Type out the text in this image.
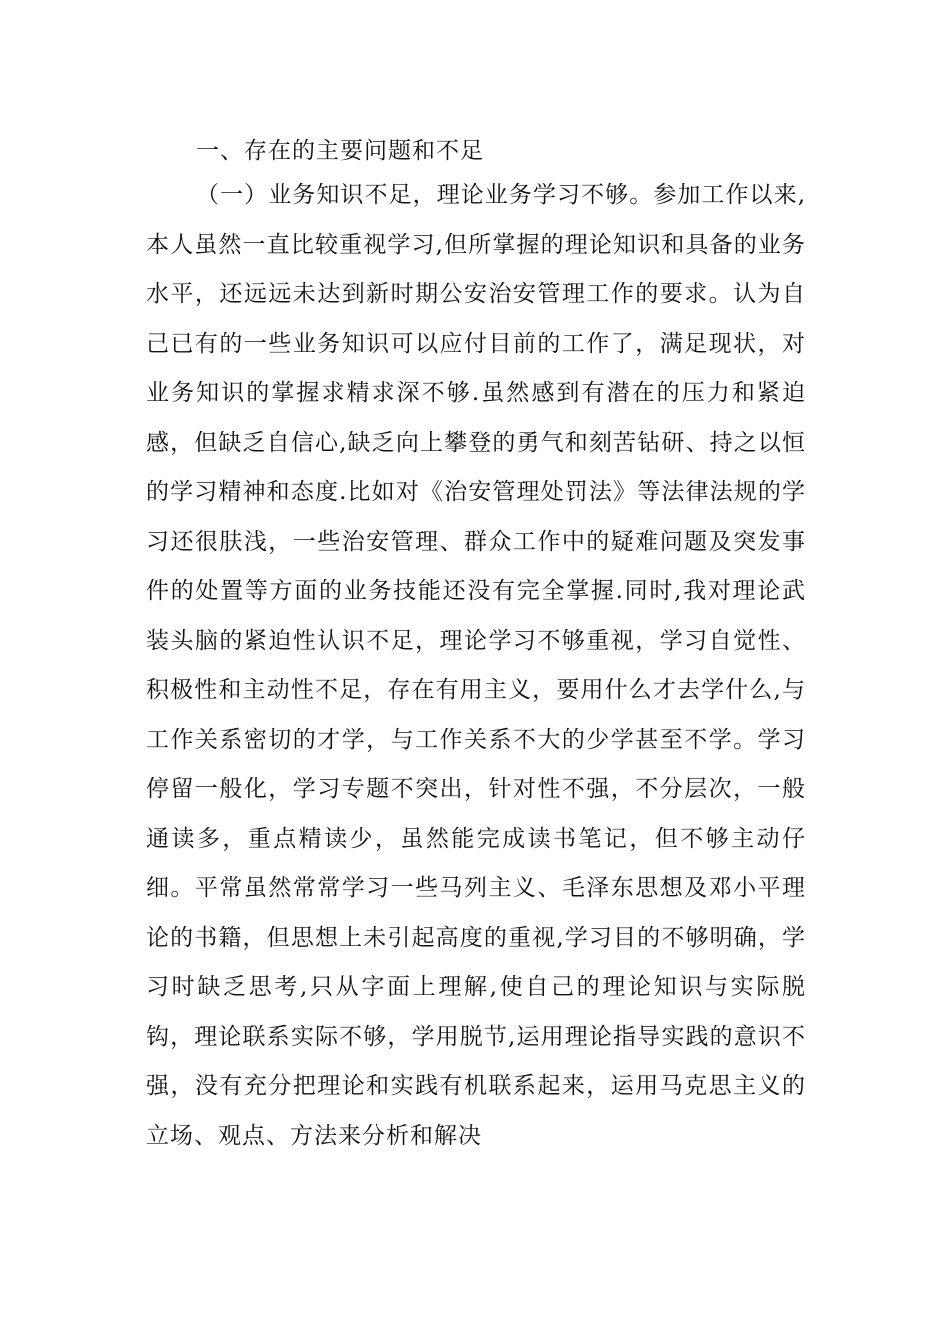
一、存在的主要问题和不足

（一）业务知识不足，理论业务学习不够。参加工作以来,本人虽然一直比较重视学习,但所掌握的理论知识和具备的业务水平，还远远未达到新时期公安治安管理工作的要求。认为自己已有的一些业务知识可以应付目前的工作了，满足现状，对业务知识的掌握求精求深不够.虽然感到有潜在的压力和紧迫感，但缺乏自信心,缺乏向上攀登的勇气和刻苦钻研、持之以恒的学习精神和态度.比如对《治安管理处罚法》等法律法规的学习还很肤浅，一些治安管理、群众工作中的疑难问题及突发事件的处置等方面的业务技能还没有完全掌握.同时,我对理论武装头脑的紧迫性认识不足，理论学习不够重视，学习自觉性、积极性和主动性不足，存在有用主义，要用什么才去学什么,与工作关系密切的才学，与工作关系不大的少学甚至不学。学习停留一般化，学习专题不突出，针对性不强，不分层次，一般通读多，重点精读少，虽然能完成读书笔记，但不够主动仔细。平常虽然常常学习一些马列主义、毛泽东思想及邓小平理论的书籍，但思想上未引起高度的重视,学习目的不够明确，学习时缺乏思考,只从字面上理解,使自己的理论知识与实际脱钩，理论联系实际不够，学用脱节,运用理论指导实践的意识不强，没有充分把理论和实践有机联系起来，运用马克思主义的立场、观点、方法来分析和解决
